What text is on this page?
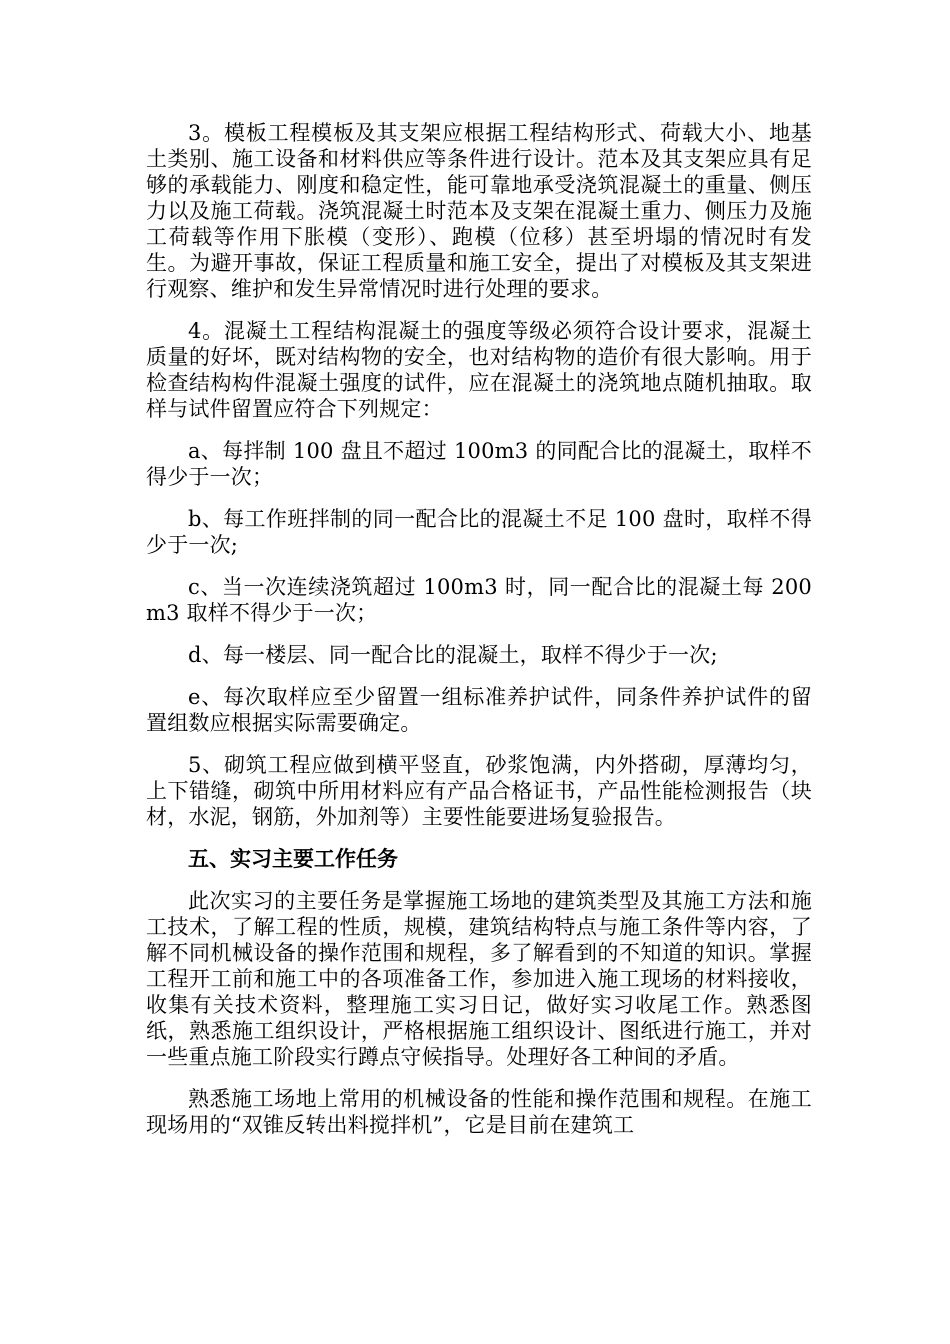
3。模板工程模板及其支架应根据工程结构形式、荷载大小、地基土类别、施工设备和材料供应等条件进行设计。范本及其支架应具有足够的承载能力、刚度和稳定性，能可靠地承受浇筑混凝土的重量、侧压力以及施工荷载。浇筑混凝土时范本及支架在混凝土重力、侧压力及施工荷载等作用下胀模（变形）、跑模（位移）甚至坍塌的情况时有发生。为避开事故，保证工程质量和施工安全，提出了对模板及其支架进行观察、维护和发生异常情况时进行处理的要求。

4。混凝土工程结构混凝土的强度等级必须符合设计要求，混凝土质量的好坏，既对结构物的安全，也对结构物的造价有很大影响。用于检查结构构件混凝土强度的试件，应在混凝土的浇筑地点随机抽取。取样与试件留置应符合下列规定：

a、每拌制 100 盘且不超过 100m3 的同配合比的混凝土，取样不得少于一次；

b、每工作班拌制的同一配合比的混凝土不足 100 盘时，取样不得少于一次;

c、当一次连续浇筑超过 100m3 时，同一配合比的混凝土每 200m3 取样不得少于一次；

d、每一楼层、同一配合比的混凝土，取样不得少于一次;

e、每次取样应至少留置一组标准养护试件，同条件养护试件的留置组数应根据实际需要确定。

5、砌筑工程应做到横平竖直，砂浆饱满，内外搭砌，厚薄均匀，上下错缝，砌筑中所用材料应有产品合格证书，产品性能检测报告（块材，水泥，钢筋，外加剂等）主要性能要进场复验报告。

五、实习主要工作任务

此次实习的主要任务是掌握施工场地的建筑类型及其施工方法和施工技术，了解工程的性质，规模，建筑结构特点与施工条件等内容，了解不同机械设备的操作范围和规程，多了解看到的不知道的知识。掌握工程开工前和施工中的各项准备工作，参加进入施工现场的材料接收，收集有关技术资料，整理施工实习日记，做好实习收尾工作。熟悉图纸，熟悉施工组织设计，严格根据施工组织设计、图纸进行施工，并对一些重点施工阶段实行蹲点守候指导。处理好各工种间的矛盾。

熟悉施工场地上常用的机械设备的性能和操作范围和规程。在施工现场用的“双锥反转出料搅拌机”，它是目前在建筑工
